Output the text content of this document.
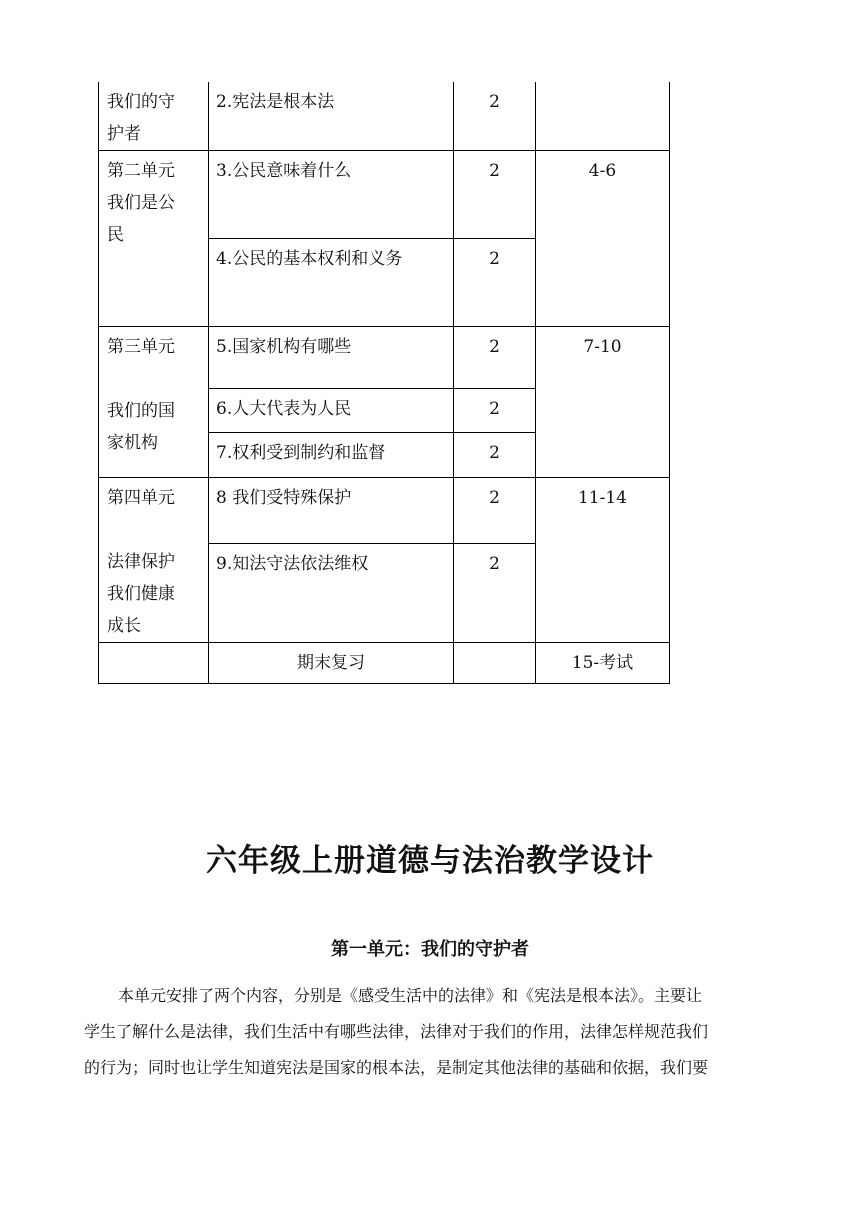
我们的守
护者	2.宪法是根本法	2	

第二单元
我们是公
民	3.公民意味着什么	2	4-6
	4.公民的基本权利和义务	2	

第三单元
我们的国
家机构	5.国家机构有哪些	2	7-10
	6.人大代表为人民	2	
	7.权利受到制约和监督	2	

第四单元
法律保护
我们健康
成长	8 我们受特殊保护	2	11-14
	9.知法守法依法维权	2	
	期末复习		15-考试
六年级上册道德与法治教学设计
第一单元：我们的守护者

本单元安排了两个内容，分别是《感受生活中的法律》和《宪法是根本法》。主要让
学生了解什么是法律，我们生活中有哪些法律，法律对于我们的作用，法律怎样规范我们
的行为；同时也让学生知道宪法是国家的根本法，是制定其他法律的基础和依据，我们要
